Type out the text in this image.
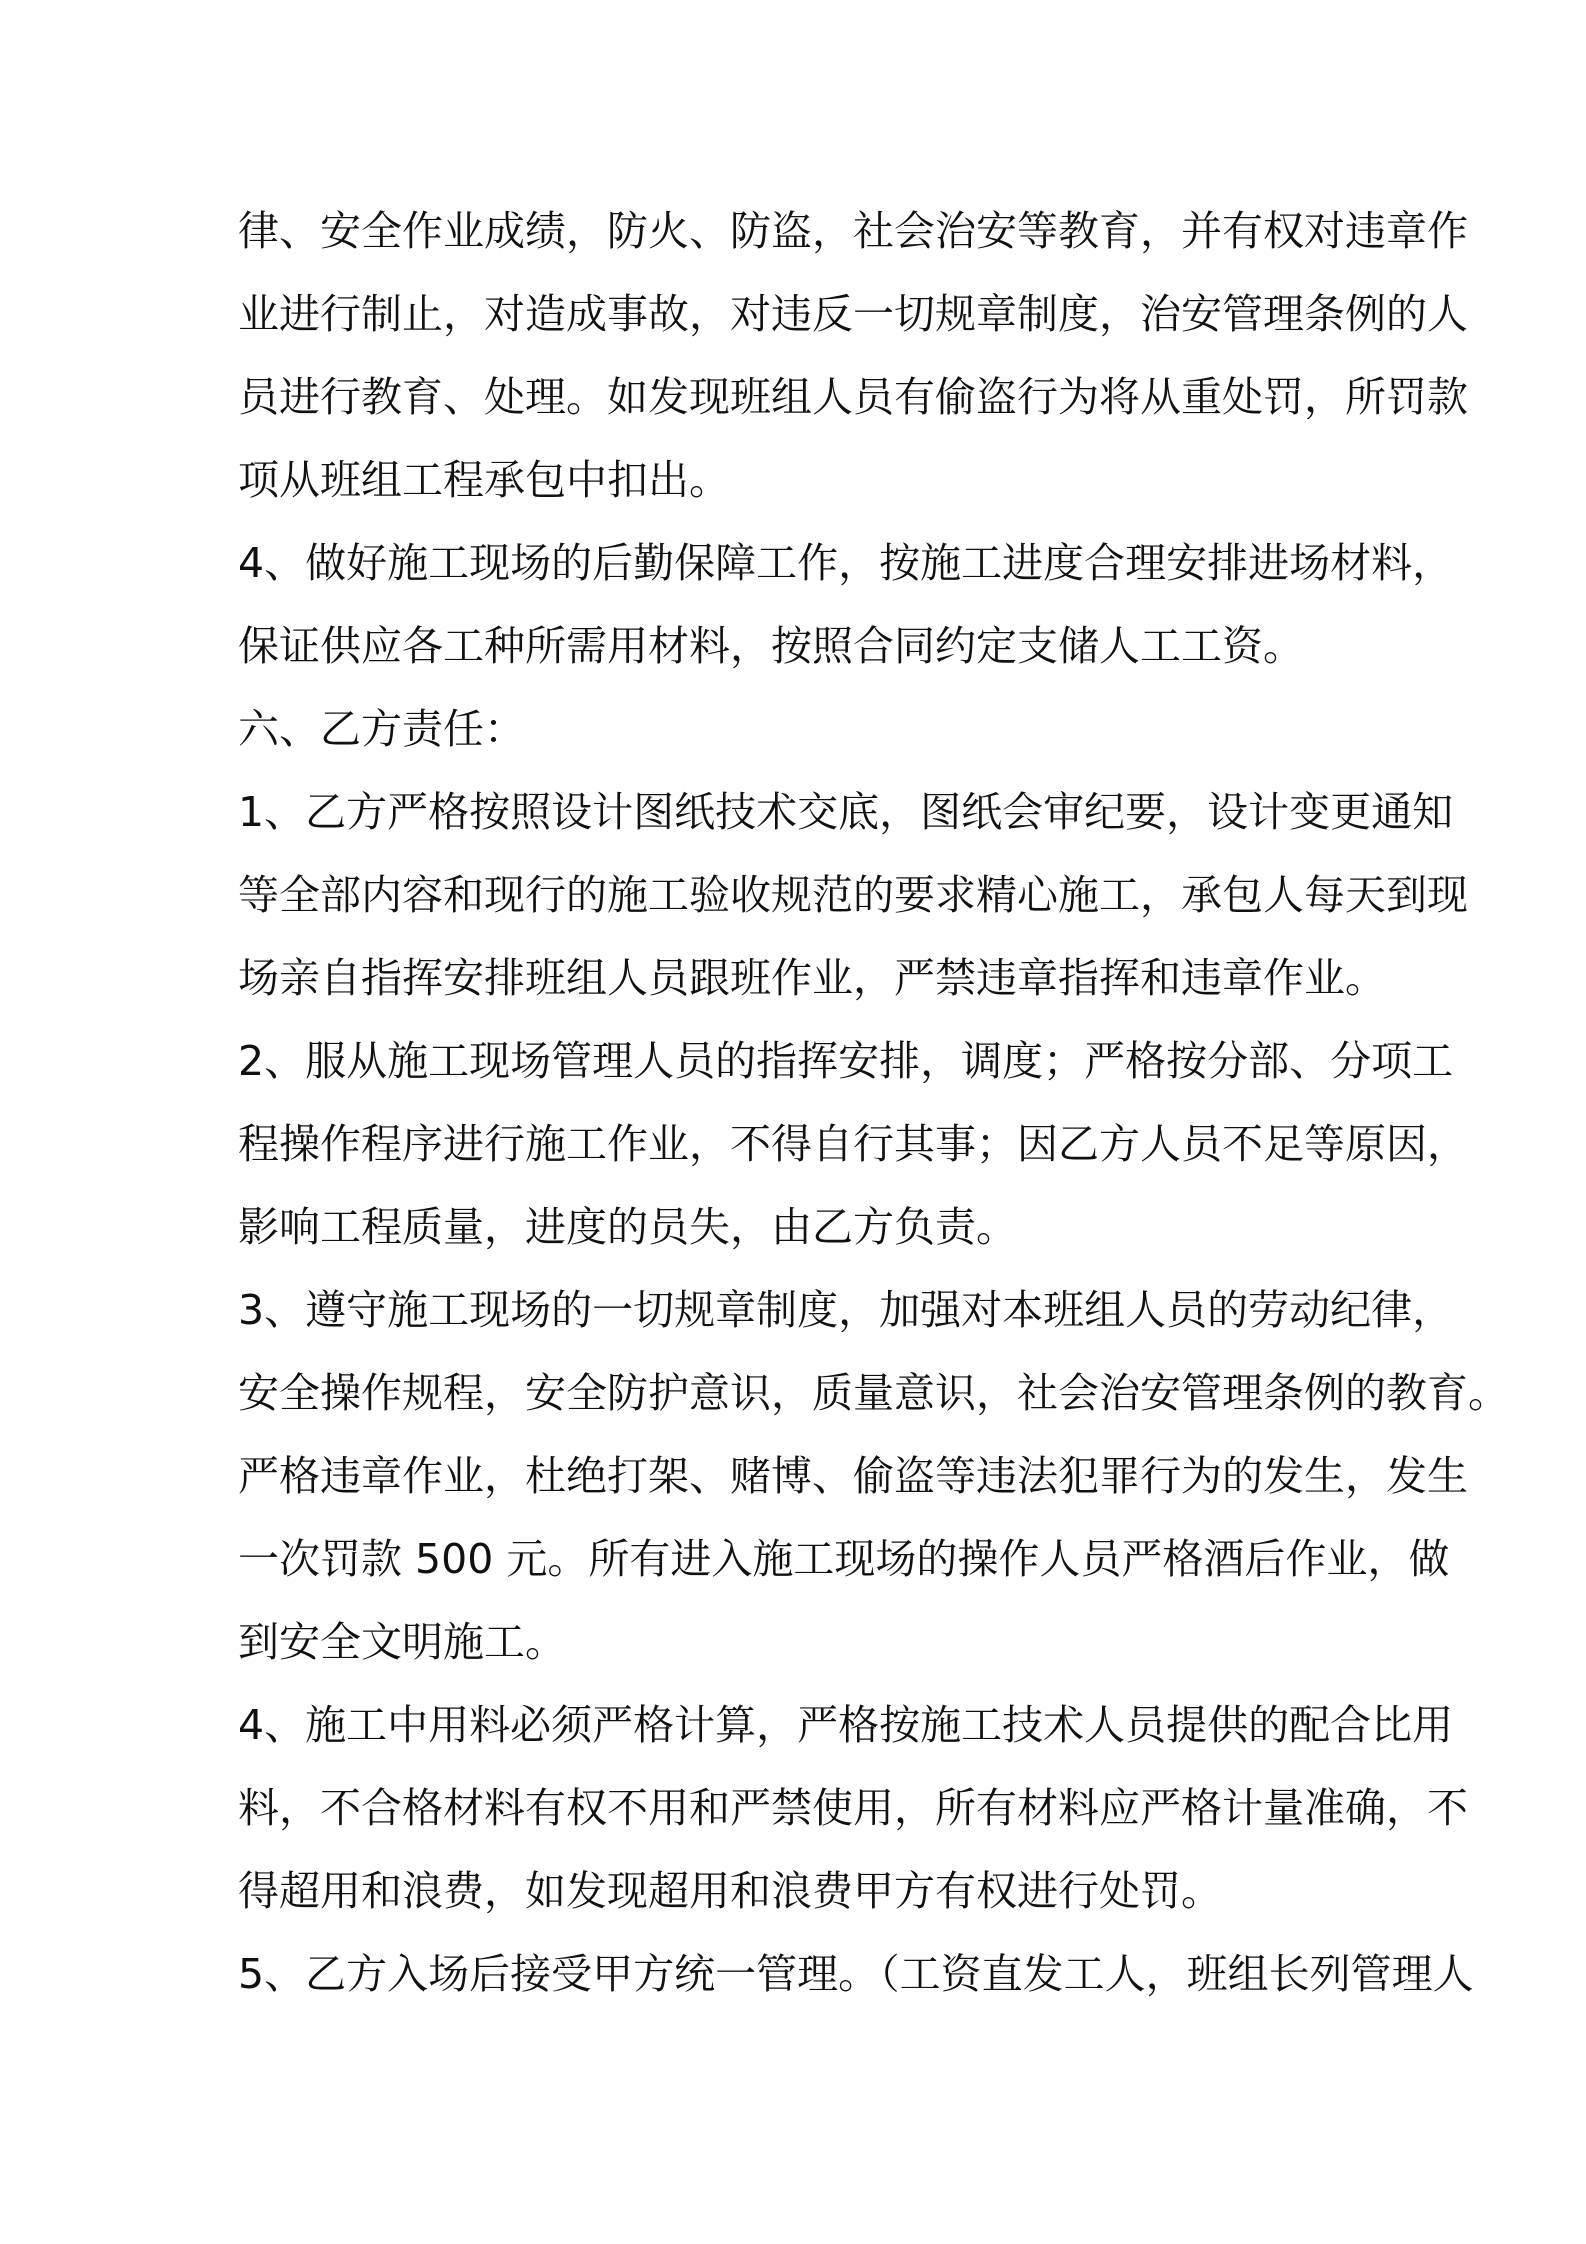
律、安全作业成绩，防火、防盗，社会治安等教育，并有权对违章作
业进行制止，对造成事故，对违反一切规章制度，治安管理条例的人
员进行教育、处理。如发现班组人员有偷盗行为将从重处罚，所罚款
项从班组工程承包中扣出。
4、做好施工现场的后勤保障工作，按施工进度合理安排进场材料，
保证供应各工种所需用材料，按照合同约定支储人工工资。
六、乙方责任：
1、乙方严格按照设计图纸技术交底，图纸会审纪要，设计变更通知
等全部内容和现行的施工验收规范的要求精心施工，承包人每天到现
场亲自指挥安排班组人员跟班作业，严禁违章指挥和违章作业。
2、服从施工现场管理人员的指挥安排，调度；严格按分部、分项工
程操作程序进行施工作业，不得自行其事；因乙方人员不足等原因，
影响工程质量，进度的员失，由乙方负责。
3、遵守施工现场的一切规章制度，加强对本班组人员的劳动纪律，
安全操作规程，安全防护意识，质量意识，社会治安管理条例的教育。
严格违章作业，杜绝打架、赌博、偷盗等违法犯罪行为的发生，发生
一次罚款 500 元。所有进入施工现场的操作人员严格酒后作业，做
到安全文明施工。
4、施工中用料必须严格计算，严格按施工技术人员提供的配合比用
料，不合格材料有权不用和严禁使用，所有材料应严格计量准确，不
得超用和浪费，如发现超用和浪费甲方有权进行处罚。
5、乙方入场后接受甲方统一管理。（工资直发工人，班组长列管理人
